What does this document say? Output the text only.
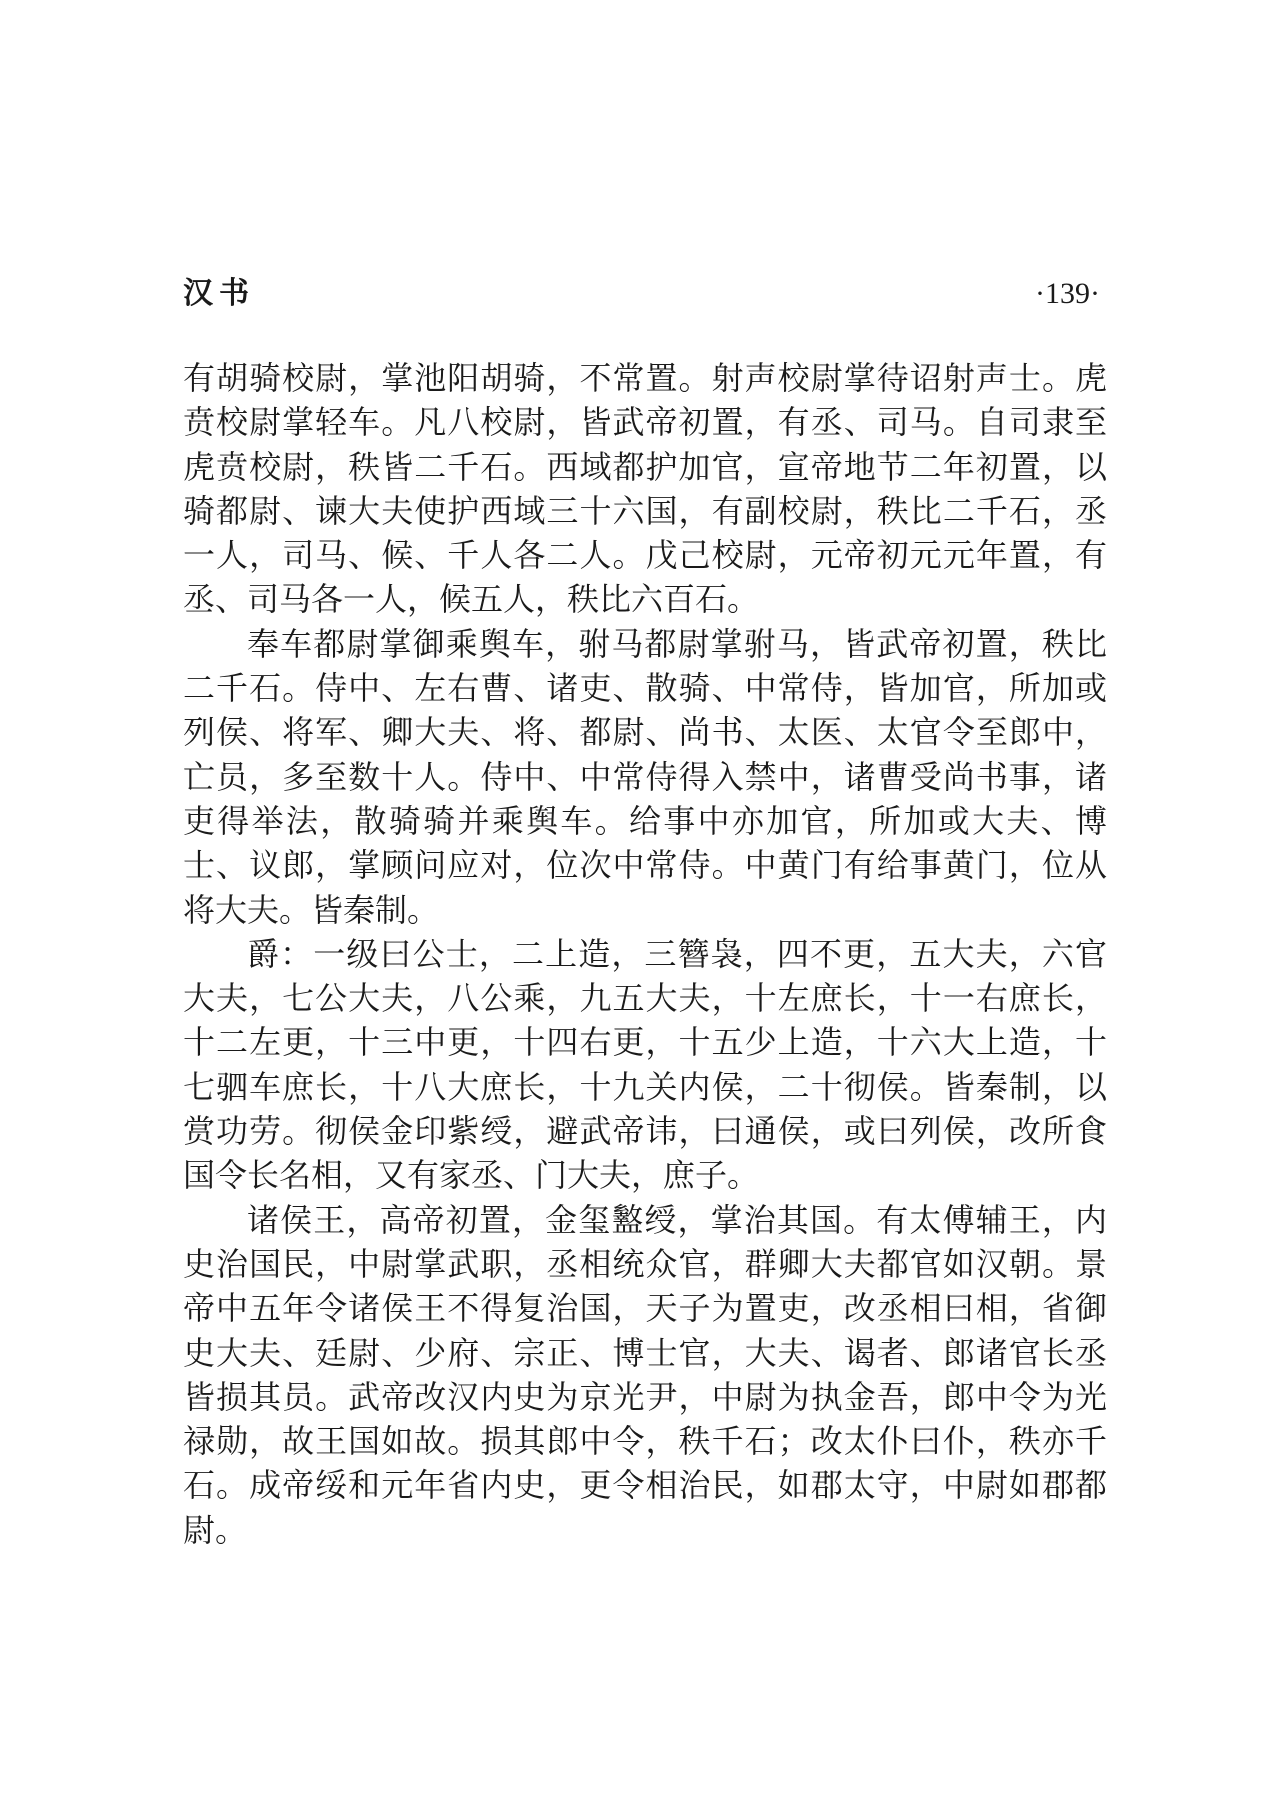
汉书	·139·

有胡骑校尉，掌池阳胡骑，不常置。射声校尉掌待诏射声士。虎贲校尉掌轻车。凡八校尉，皆武帝初置，有丞、司马。自司隶至虎贲校尉，秩皆二千石。西域都护加官，宣帝地节二年初置，以骑都尉、谏大夫使护西域三十六国，有副校尉，秩比二千石，丞一人，司马、候、千人各二人。戊己校尉，元帝初元元年置，有丞、司马各一人，候五人，秩比六百石。

奉车都尉掌御乘舆车，驸马都尉掌驸马，皆武帝初置，秩比二千石。侍中、左右曹、诸吏、散骑、中常侍，皆加官，所加或列侯、将军、卿大夫、将、都尉、尚书、太医、太官令至郎中，亡员，多至数十人。侍中、中常侍得入禁中，诸曹受尚书事，诸吏得举法，散骑骑并乘舆车。给事中亦加官，所加或大夫、博士、议郎，掌顾问应对，位次中常侍。中黄门有给事黄门，位从将大夫。皆秦制。

爵：一级曰公士，二上造，三簪袅，四不更，五大夫，六官大夫，七公大夫，八公乘，九五大夫，十左庶长，十一右庶长，十二左更，十三中更，十四右更，十五少上造，十六大上造，十七驷车庶长，十八大庶长，十九关内侯，二十彻侯。皆秦制，以赏功劳。彻侯金印紫绶，避武帝讳，曰通侯，或曰列侯，改所食国令长名相，又有家丞、门大夫，庶子。

诸侯王，高帝初置，金玺盭绶，掌治其国。有太傅辅王，内史治国民，中尉掌武职，丞相统众官，群卿大夫都官如汉朝。景帝中五年令诸侯王不得复治国，天子为置吏，改丞相曰相，省御史大夫、廷尉、少府、宗正、博士官，大夫、谒者、郎诸官长丞皆损其员。武帝改汉内史为京光尹，中尉为执金吾，郎中令为光禄勋，故王国如故。损其郎中令，秩千石；改太仆曰仆，秩亦千石。成帝绥和元年省内史，更令相治民，如郡太守，中尉如郡都尉。
